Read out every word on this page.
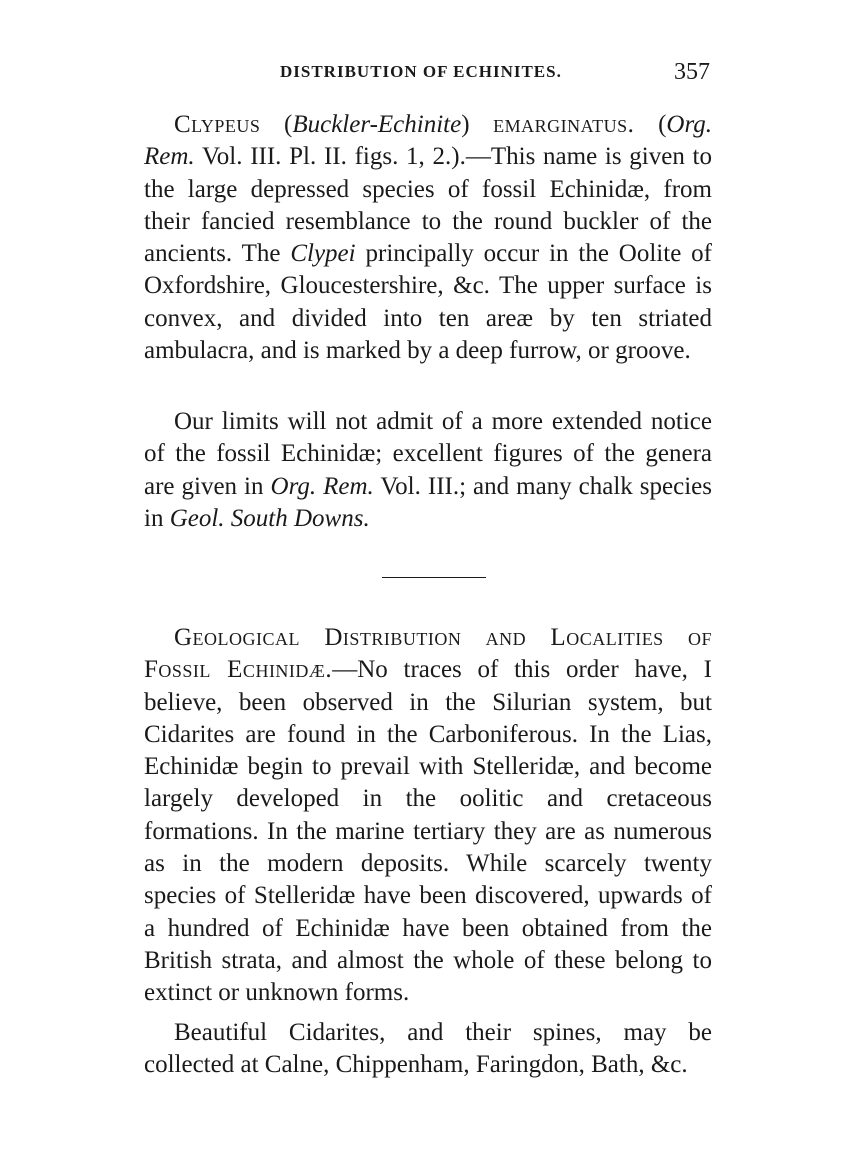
DISTRIBUTION OF ECHINITES.	357
Clypeus (Buckler-Echinite) emarginatus. (Org. Rem. Vol. III. Pl. II. figs. 1, 2.).—This name is given to the large depressed species of fossil Echinidæ, from their fancied resemblance to the round buckler of the ancients. The Clypei principally occur in the Oolite of Oxfordshire, Gloucestershire, &c. The upper surface is convex, and divided into ten areæ by ten striated ambulacra, and is marked by a deep furrow, or groove.
Our limits will not admit of a more extended notice of the fossil Echinidæ; excellent figures of the genera are given in Org. Rem. Vol. III.; and many chalk species in Geol. South Downs.
Geological Distribution and Localities of Fossil Echinidæ.—No traces of this order have, I believe, been observed in the Silurian system, but Cidarites are found in the Carboniferous. In the Lias, Echinidæ begin to prevail with Stelleridæ, and become largely developed in the oolitic and cretaceous formations. In the marine tertiary they are as numerous as in the modern deposits. While scarcely twenty species of Stelleridæ have been discovered, upwards of a hundred of Echinidæ have been obtained from the British strata, and almost the whole of these belong to extinct or unknown forms.
Beautiful Cidarites, and their spines, may be collected at Calne, Chippenham, Faringdon, Bath, &c.
